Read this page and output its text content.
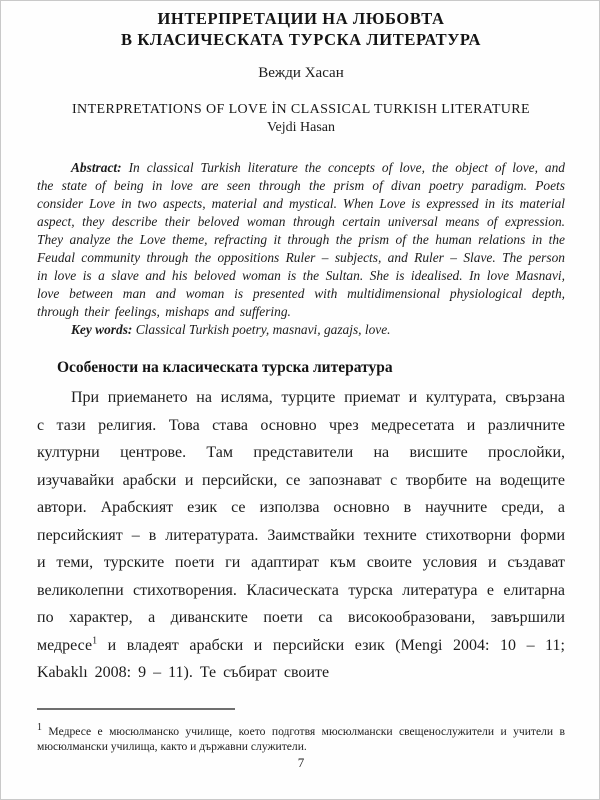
ИНТЕРПРЕТАЦИИ НА ЛЮБОВТА
В КЛАСИЧЕСКАТА ТУРСКА ЛИТЕРАТУРА
Вежди Хасан
INTERPRETATIONS OF LOVE İN CLASSICAL TURKISH LITERATURE
Vejdi Hasan

Abstract: In classical Turkish literature the concepts of love, the object of love, and the state of being in love are seen through the prism of divan poetry paradigm. Poets consider Love in two aspects, material and mystical. When Love is expressed in its material aspect, they describe their beloved woman through certain universal means of expression. They analyze the Love theme, refracting it through the prism of the human relations in the Feudal community through the oppositions Ruler – subjects, and Ruler – Slave. The person in love is a slave and his beloved woman is the Sultan. She is idealised. In love Masnavi, love between man and woman is presented with multidimensional physiological depth, through their feelings, mishaps and suffering.

Key words: Classical Turkish poetry, masnavi, gazajs, love.

Особености на класическата турска литература

При приемането на исляма, турците приемат и културата, свързана с тази религия. Това става основно чрез медресетата и различните културни центрове. Там представители на висшите прослойки, изучавайки арабски и персийски, се запознават с творбите на водещите автори. Арабският език се използва основно в научните среди, а персийският – в литературата. Заимствайки техните стихотворни форми и теми, турските поети ги адаптират към своите условия и създават великолепни стихотворения. Класическата турска литература е елитарна по характер, а диванските поети са високообразовани, завършили медресе$^1$ и владеят арабски и персийски език (Mengi 2004: 10 – 11; Kabaklı 2008: 9 – 11). Те събират своите

$^1$ Медресе е мюсюлманско училище, което подготвя мюсюлмански свещенослужители и учители в мюсюлмански училища, както и държавни служители.

7
